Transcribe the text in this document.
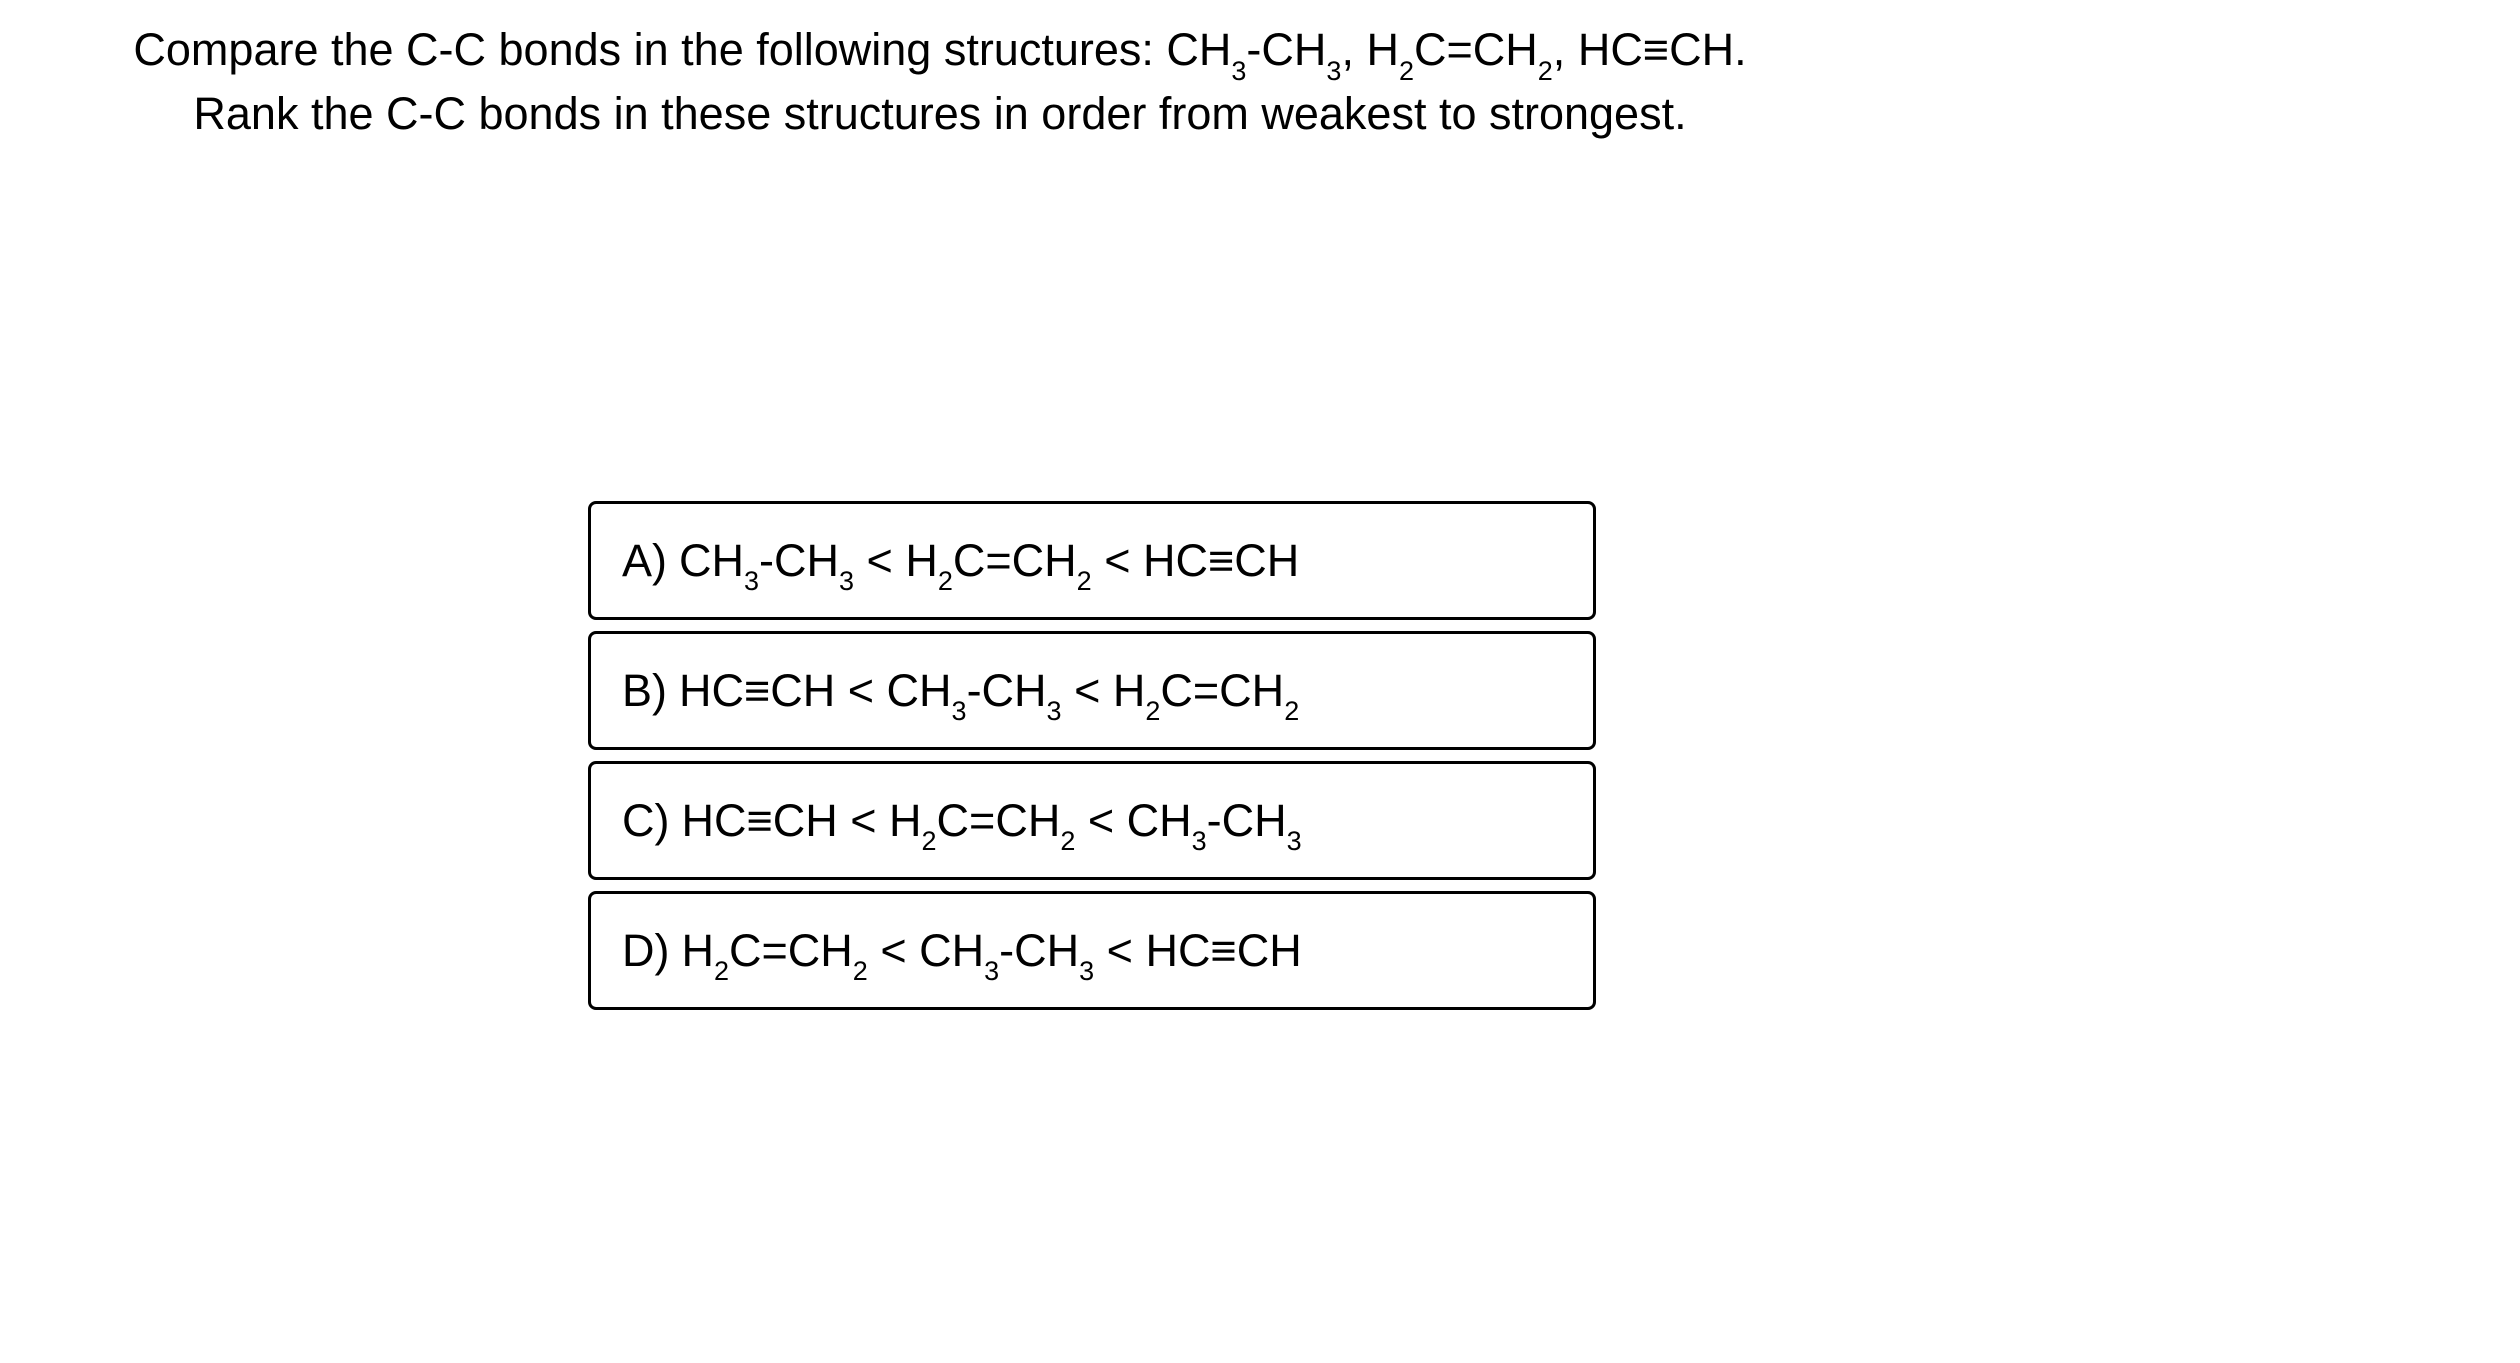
Compare the C-C bonds in the following structures: $CH_3-CH_3$, $H_2C=CH_2$, HC≡CH.
Rank the C-C bonds in these structures in order from weakest to strongest.
A) $CH_3-CH_3 < H_2C=CH_2 < HC\equiv CH$
B) $HC\equiv CH < CH_3-CH_3 < H_2C=CH_2$
C) $HC\equiv CH < H_2C=CH_2 < CH_3-CH_3$
D) $H_2C=CH_2 < CH_3-CH_3 < HC\equiv CH$
